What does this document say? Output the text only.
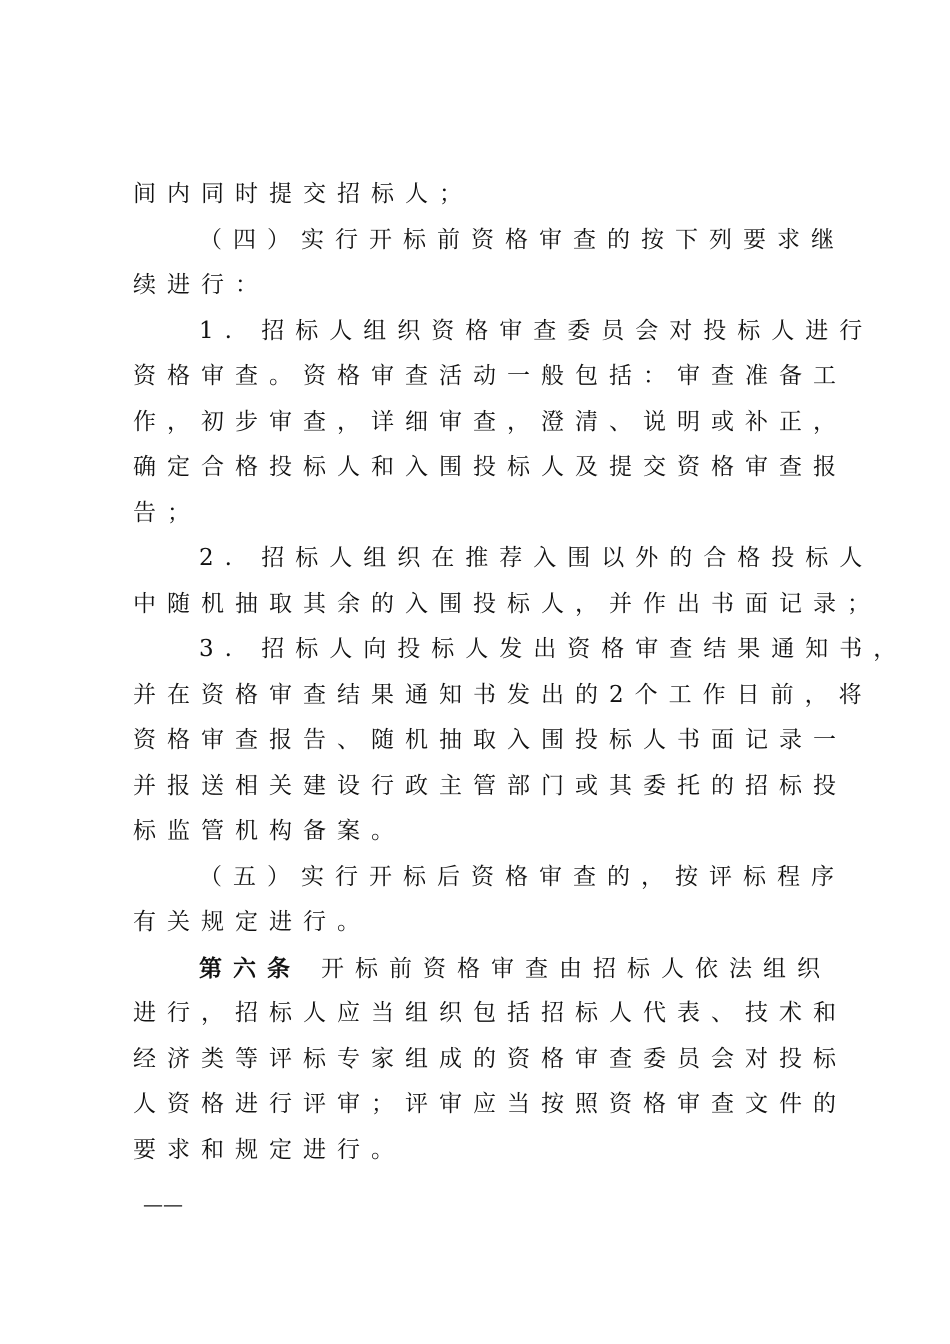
间内同时提交招标人；
（四）实行开标前资格审查的按下列要求继
续进行：
1. 招标人组织资格审查委员会对投标人进行
资格审查。资格审查活动一般包括：审查准备工
作，初步审查，详细审查，澄清、说明或补正，
确定合格投标人和入围投标人及提交资格审查报
告；
2. 招标人组织在推荐入围以外的合格投标人
中随机抽取其余的入围投标人，并作出书面记录；
3. 招标人向投标人发出资格审查结果通知书，
并在资格审查结果通知书发出的2个工作日前，将
资格审查报告、随机抽取入围投标人书面记录一
并报送相关建设行政主管部门或其委托的招标投
标监管机构备案。
（五）实行开标后资格审查的，按评标程序
有关规定进行。
第六条 开标前资格审查由招标人依法组织
进行，招标人应当组织包括招标人代表、技术和
经济类等评标专家组成的资格审查委员会对投标
人资格进行评审；评审应当按照资格审查文件的
要求和规定进行。
——
